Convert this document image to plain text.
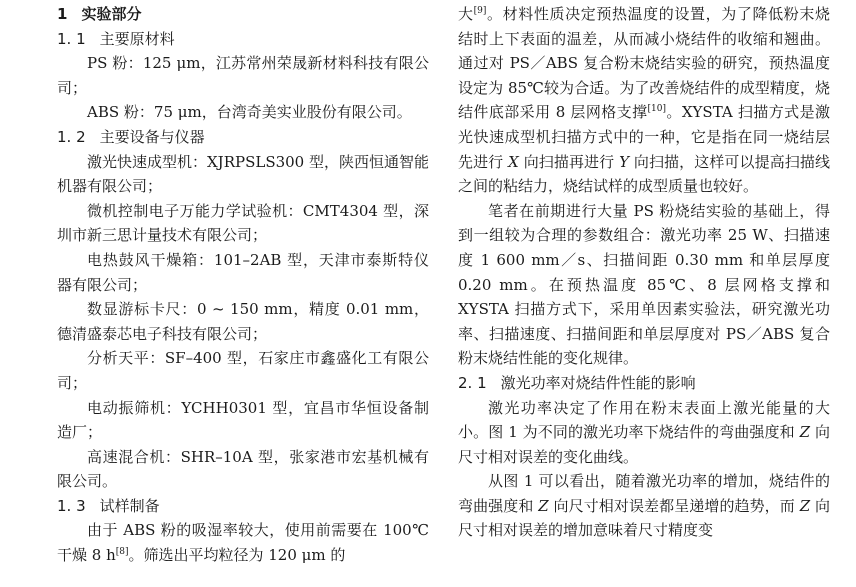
1 实验部分

1. 1 主要原材料

PS 粉：125 μm，江苏常州荣晟新材料科技有限公司；

ABS 粉：75 μm，台湾奇美实业股份有限公司。

1. 2 主要设备与仪器

激光快速成型机：XJRPSLS300 型，陕西恒通智能机器有限公司；

微机控制电子万能力学试验机：CMT4304 型，深圳市新三思计量技术有限公司；

电热鼓风干燥箱：101–2AB 型，天津市泰斯特仪器有限公司；

数显游标卡尺：0 ~ 150 mm，精度 0.01 mm，德清盛泰芯电子科技有限公司；

分析天平：SF–400 型，石家庄市鑫盛化工有限公司；

电动振筛机：YCHH0301 型，宜昌市华恒设备制造厂；

高速混合机：SHR–10A 型，张家港市宏基机械有限公司。

1. 3 试样制备

由于 ABS 粉的吸湿率较大，使用前需要在 100℃干燥 8 h[8]。筛选出平均粒径为 120 μm 的

大[9]。材料性质决定预热温度的设置，为了降低粉末烧结时上下表面的温差，从而减小烧结件的收缩和翘曲。通过对 PS／ABS 复合粉末烧结实验的研究，预热温度设定为 85℃较为合适。为了改善烧结件的成型精度，烧结件底部采用 8 层网格支撑[10]。XYSTA 扫描方式是激光快速成型机扫描方式中的一种，它是指在同一烧结层先进行 X 向扫描再进行 Y 向扫描，这样可以提高扫描线之间的粘结力，烧结试样的成型质量也较好。

笔者在前期进行大量 PS 粉烧结实验的基础上，得到一组较为合理的参数组合：激光功率 25 W、扫描速度 1 600 mm／s、扫描间距 0.30 mm 和单层厚度 0.20 mm。在预热温度 85℃、8 层网格支撑和 XYSTA 扫描方式下，采用单因素实验法，研究激光功率、扫描速度、扫描间距和单层厚度对 PS／ABS 复合粉末烧结性能的变化规律。

2. 1 激光功率对烧结件性能的影响

激光功率决定了作用在粉末表面上激光能量的大小。图 1 为不同的激光功率下烧结件的弯曲强度和 Z 向尺寸相对误差的变化曲线。

从图 1 可以看出，随着激光功率的增加，烧结件的弯曲强度和 Z 向尺寸相对误差都呈递增的趋势，而 Z 向尺寸相对误差的增加意味着尺寸精度变
